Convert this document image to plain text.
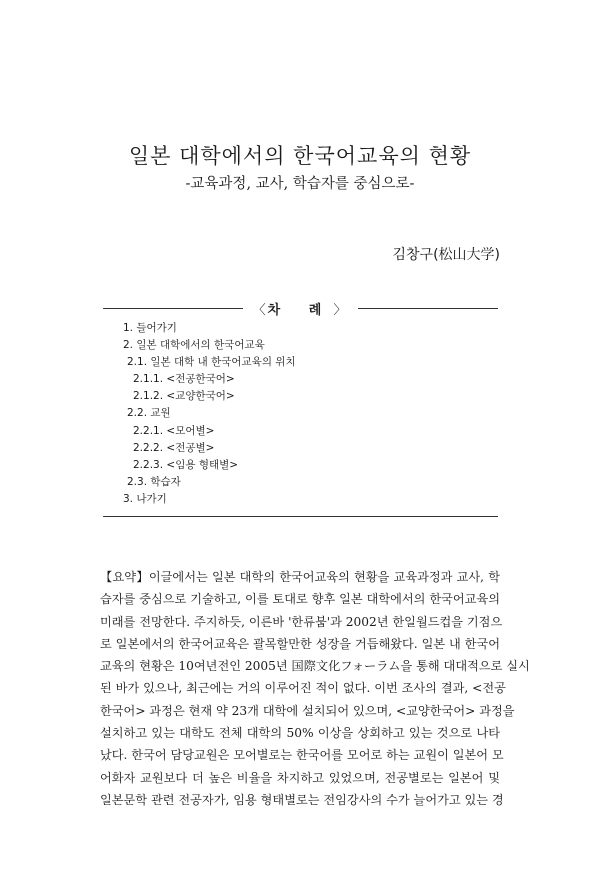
일본 대학에서의 한국어교육의 현황
-교육과정, 교사, 학습자를 중심으로-
김창구(松山大学)
〈차 례〉
1. 들어가기
2. 일본 대학에서의 한국어교육
2.1. 일본 대학 내 한국어교육의 위치
2.1.1. <전공한국어>
2.1.2. <교양한국어>
2.2. 교원
2.2.1. <모어별>
2.2.2. <전공별>
2.2.3. <임용 형태별>
2.3. 학습자
3. 나가기

【요약】이글에서는 일본 대학의 한국어교육의 현황을 교육과정과 교사, 학
습자를 중심으로 기술하고, 이를 토대로 향후 일본 대학에서의 한국어교육의
미래를 전망한다. 주지하듯, 이른바 '한류붐'과 2002년 한일월드컵을 기점으
로 일본에서의 한국어교육은 괄목할만한 성장을 거듭해왔다. 일본 내 한국어
교육의 현황은 10여년전인 2005년 国際文化フォーラム을 통해 대대적으로 실시
된 바가 있으나, 최근에는 거의 이루어진 적이 없다. 이번 조사의 결과, <전공
한국어> 과정은 현재 약 23개 대학에 설치되어 있으며, <교양한국어> 과정을
설치하고 있는 대학도 전체 대학의 50% 이상을 상회하고 있는 것으로 나타
났다. 한국어 담당교원은 모어별로는 한국어를 모어로 하는 교원이 일본어 모
어화자 교원보다 더 높은 비율을 차지하고 있었으며, 전공별로는 일본어 및
일본문학 관련 전공자가, 임용 형태별로는 전임강사의 수가 늘어가고 있는 경
